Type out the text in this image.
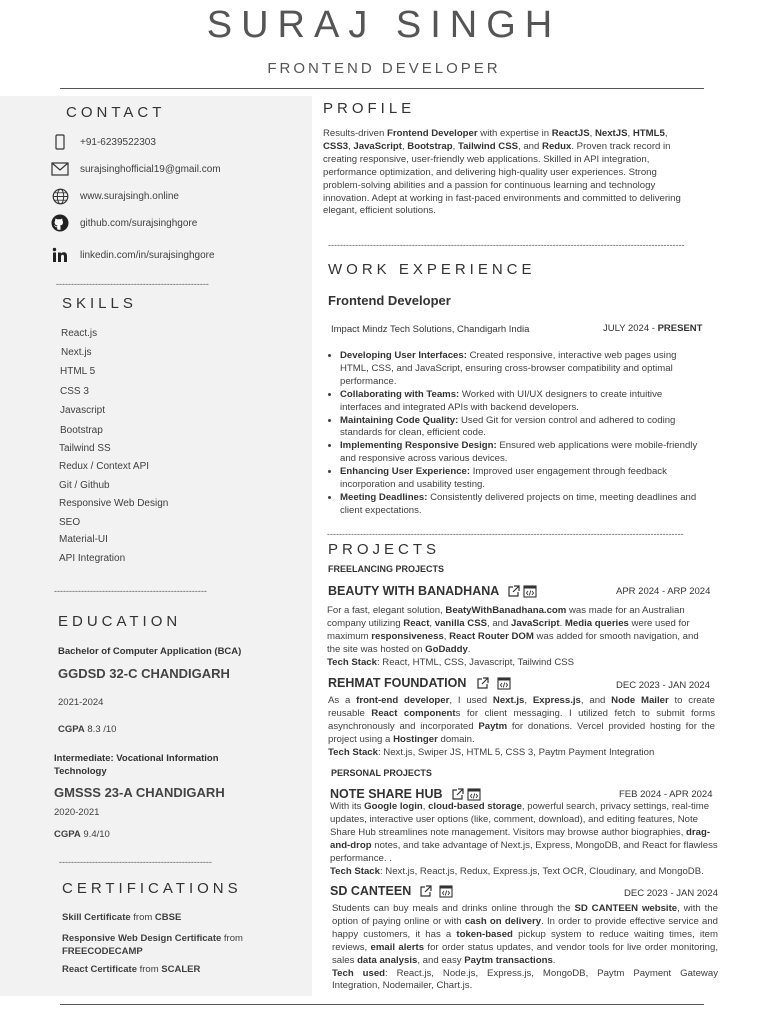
SURAJ SINGH
FRONTEND DEVELOPER
CONTACT
+91-6239522303
surajsinghofficial19@gmail.com
www.surajsingh.online
github.com/surajsinghgore
linkedin.com/in/surajsinghgore
---------------------------------------------------
SKILLS
React.js
Next.js
HTML 5
CSS 3
Javascript
Bootstrap
Tailwind SS
Redux / Context API
Git / Github
Responsive Web Design
SEO
Material-UI
API Integration
---------------------------------------------------
EDUCATION
Bachelor of Computer Application (BCA)
GGDSD 32-C CHANDIGARH
2021-2024
CGPA 8.3 /10
Intermediate: Vocational Information Technology
GMSSS 23-A CHANDIGARH
2020-2021
CGPA 9.4/10
---------------------------------------------------
CERTIFICATIONS
Skill Certificate from CBSE
Responsive Web Design Certificate from FREECODECAMP
React Certificate from SCALER
PROFILE
Results-driven Frontend Developer with expertise in ReactJS, NextJS, HTML5, CSS3, JavaScript, Bootstrap, Tailwind CSS, and Redux. Proven track record in creating responsive, user-friendly web applications. Skilled in API integration, performance optimization, and delivering high-quality user experiences. Strong problem-solving abilities and a passion for continuous learning and technology innovation. Adept at working in fast-paced environments and committed to delivering elegant, efficient solutions.
-----------------------------------------------------------------------------------------------------------------------
WORK EXPERIENCE
Frontend Developer
Impact Mindz Tech Solutions, Chandigarh India	JULY 2024 - PRESENT
• Developing User Interfaces: Created responsive, interactive web pages using HTML, CSS, and JavaScript, ensuring cross-browser compatibility and optimal performance.
• Collaborating with Teams: Worked with UI/UX designers to create intuitive interfaces and integrated APIs with backend developers.
• Maintaining Code Quality: Used Git for version control and adhered to coding standards for clean, efficient code.
• Implementing Responsive Design: Ensured web applications were mobile-friendly and responsive across various devices.
• Enhancing User Experience: Improved user engagement through feedback incorporation and usability testing.
• Meeting Deadlines: Consistently delivered projects on time, meeting deadlines and client expectations.
-----------------------------------------------------------------------------------------------------------------------
PROJECTS
FREELANCING PROJECTS
BEAUTY WITH BANADHANA	APR 2024 - ARP 2024
For a fast, elegant solution, BeatyWithBanadhana.com was made for an Australian company utilizing React, vanilla CSS, and JavaScript. Media queries were used for maximum responsiveness, React Router DOM was added for smooth navigation, and the site was hosted on GoDaddy.
Tech Stack: React, HTML, CSS, Javascript, Tailwind CSS
REHMAT FOUNDATION	DEC 2023 - JAN 2024
As a front-end developer, I used Next.js, Express.js, and Node Mailer to create reusable React components for client messaging. I utilized fetch to submit forms asynchronously and incorporated Paytm for donations. Vercel provided hosting for the project using a Hostinger domain.
Tech Stack: Next.js, Swiper JS, HTML 5, CSS 3, Paytm Payment Integration
PERSONAL PROJECTS
NOTE SHARE HUB	FEB 2024 - APR 2024
With its Google login, cloud-based storage, powerful search, privacy settings, real-time updates, interactive user options (like, comment, download), and editing features, Note Share Hub streamlines note management. Visitors may browse author biographies, drag-and-drop notes, and take advantage of Next.js, Express, MongoDB, and React for flawless performance. .
Tech Stack: Next.js, React.js, Redux, Express.js, Text OCR, Cloudinary, and MongoDB.
SD CANTEEN	DEC 2023 - JAN 2024
Students can buy meals and drinks online through the SD CANTEEN website, with the option of paying online or with cash on delivery. In order to provide effective service and happy customers, it has a token-based pickup system to reduce waiting times, item reviews, email alerts for order status updates, and vendor tools for live order monitoring, sales data analysis, and easy Paytm transactions.
Tech used: React.js, Node.js, Express.js, MongoDB, Paytm Payment Gateway Integration, Nodemailer, Chart.js.
